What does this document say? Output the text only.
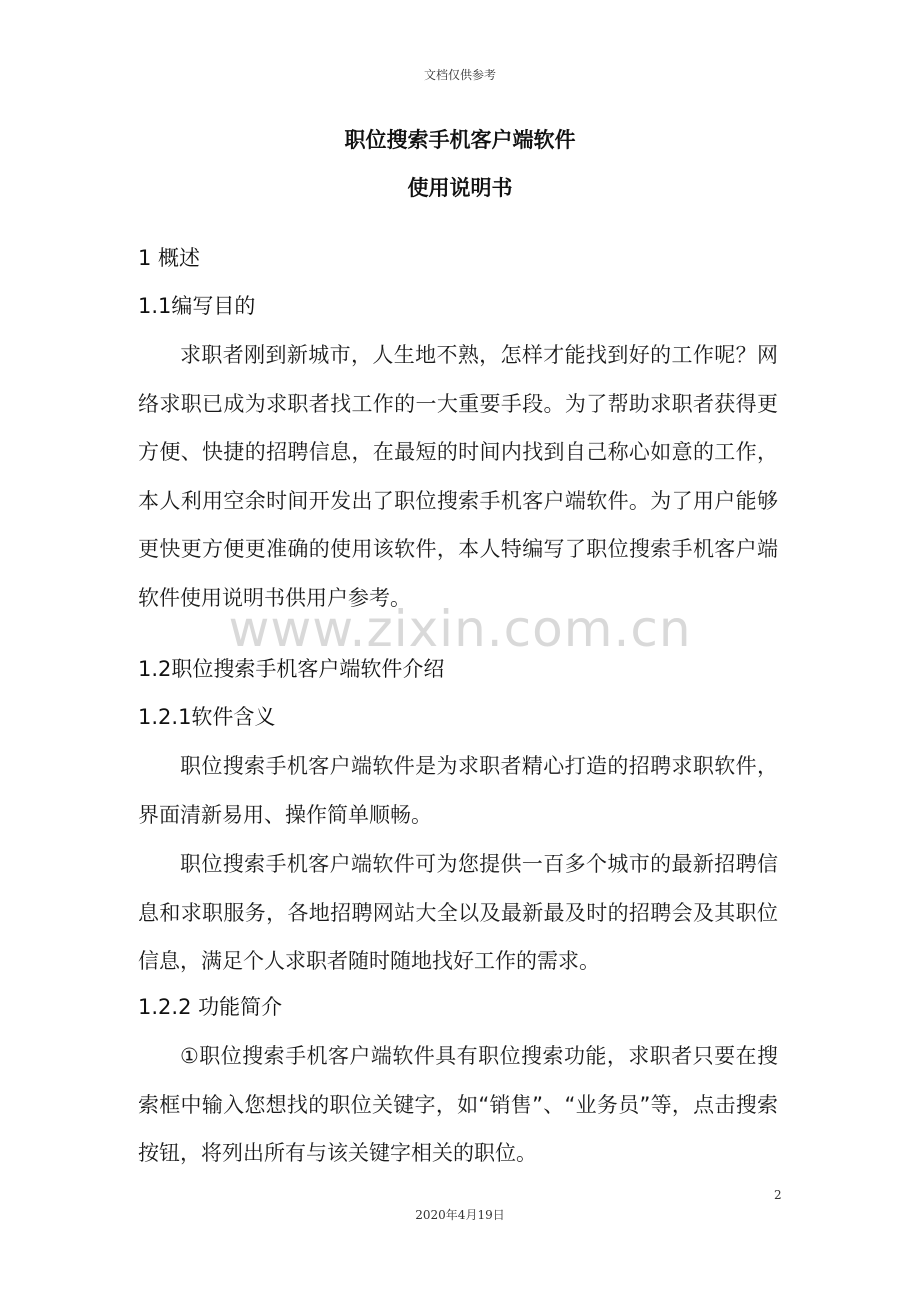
文档仅供参考
职位搜索手机客户端软件
使用说明书
1 概述
1.1编写目的

求职者刚到新城市，人生地不熟，怎样才能找到好的工作呢？网络求职已成为求职者找工作的一大重要手段。为了帮助求职者获得更方便、快捷的招聘信息，在最短的时间内找到自己称心如意的工作，本人利用空余时间开发出了职位搜索手机客户端软件。为了用户能够更快更方便更准确的使用该软件，本人特编写了职位搜索手机客户端软件使用说明书供用户参考。

www.zixin.com.cn
1.2职位搜索手机客户端软件介绍
1.2.1软件含义

职位搜索手机客户端软件是为求职者精心打造的招聘求职软件，界面清新易用、操作简单顺畅。

职位搜索手机客户端软件可为您提供一百多个城市的最新招聘信息和求职服务，各地招聘网站大全以及最新最及时的招聘会及其职位信息，满足个人求职者随时随地找好工作的需求。

1.2.2 功能简介

①职位搜索手机客户端软件具有职位搜索功能，求职者只要在搜索框中输入您想找的职位关键字，如“销售”、“业务员”等，点击搜索按钮，将列出所有与该关键字相关的职位。

2
2020年4月19日
